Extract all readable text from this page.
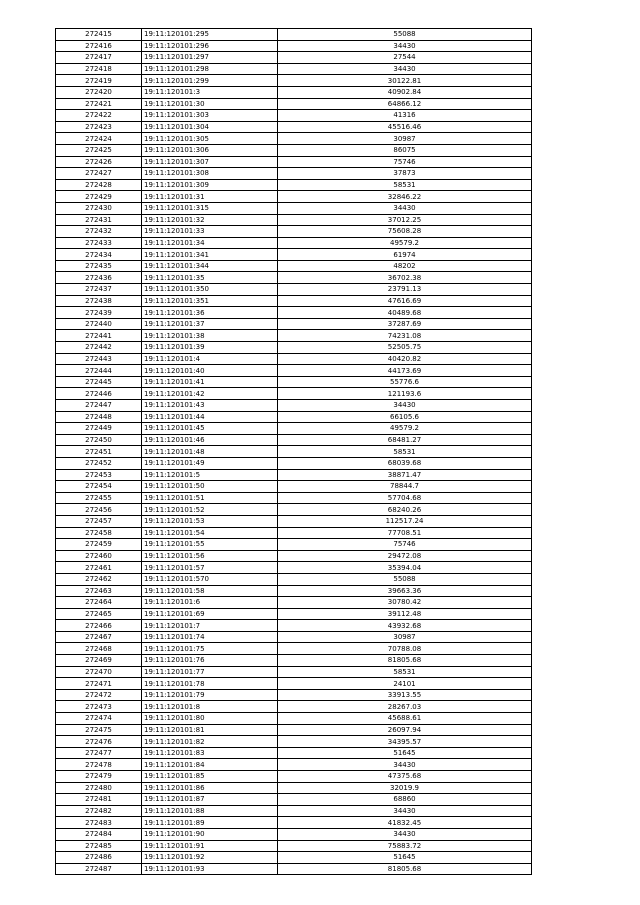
272415	19:11:120101:295	55088
272416	19:11:120101:296	34430
272417	19:11:120101:297	27544
272418	19:11:120101:298	34430
272419	19:11:120101:299	30122.81
272420	19:11:120101:3	40902.84
272421	19:11:120101:30	64866.12
272422	19:11:120101:303	41316
272423	19:11:120101:304	45516.46
272424	19:11:120101:305	30987
272425	19:11:120101:306	86075
272426	19:11:120101:307	75746
272427	19:11:120101:308	37873
272428	19:11:120101:309	58531
272429	19:11:120101:31	32846.22
272430	19:11:120101:315	34430
272431	19:11:120101:32	37012.25
272432	19:11:120101:33	75608.28
272433	19:11:120101:34	49579.2
272434	19:11:120101:341	61974
272435	19:11:120101:344	48202
272436	19:11:120101:35	36702.38
272437	19:11:120101:350	23791.13
272438	19:11:120101:351	47616.69
272439	19:11:120101:36	40489.68
272440	19:11:120101:37	37287.69
272441	19:11:120101:38	74231.08
272442	19:11:120101:39	52505.75
272443	19:11:120101:4	40420.82
272444	19:11:120101:40	44173.69
272445	19:11:120101:41	55776.6
272446	19:11:120101:42	121193.6
272447	19:11:120101:43	34430
272448	19:11:120101:44	66105.6
272449	19:11:120101:45	49579.2
272450	19:11:120101:46	68481.27
272451	19:11:120101:48	58531
272452	19:11:120101:49	68039.68
272453	19:11:120101:5	38871.47
272454	19:11:120101:50	78844.7
272455	19:11:120101:51	57704.68
272456	19:11:120101:52	68240.26
272457	19:11:120101:53	112517.24
272458	19:11:120101:54	77708.51
272459	19:11:120101:55	75746
272460	19:11:120101:56	29472.08
272461	19:11:120101:57	35394.04
272462	19:11:120101:570	55088
272463	19:11:120101:58	39663.36
272464	19:11:120101:6	30780.42
272465	19:11:120101:69	39112.48
272466	19:11:120101:7	43932.68
272467	19:11:120101:74	30987
272468	19:11:120101:75	70788.08
272469	19:11:120101:76	81805.68
272470	19:11:120101:77	58531
272471	19:11:120101:78	24101
272472	19:11:120101:79	33913.55
272473	19:11:120101:8	28267.03
272474	19:11:120101:80	45688.61
272475	19:11:120101:81	26097.94
272476	19:11:120101:82	34395.57
272477	19:11:120101:83	51645
272478	19:11:120101:84	34430
272479	19:11:120101:85	47375.68
272480	19:11:120101:86	32019.9
272481	19:11:120101:87	68860
272482	19:11:120101:88	34430
272483	19:11:120101:89	41832.45
272484	19:11:120101:90	34430
272485	19:11:120101:91	75883.72
272486	19:11:120101:92	51645
272487	19:11:120101:93	81805.68
